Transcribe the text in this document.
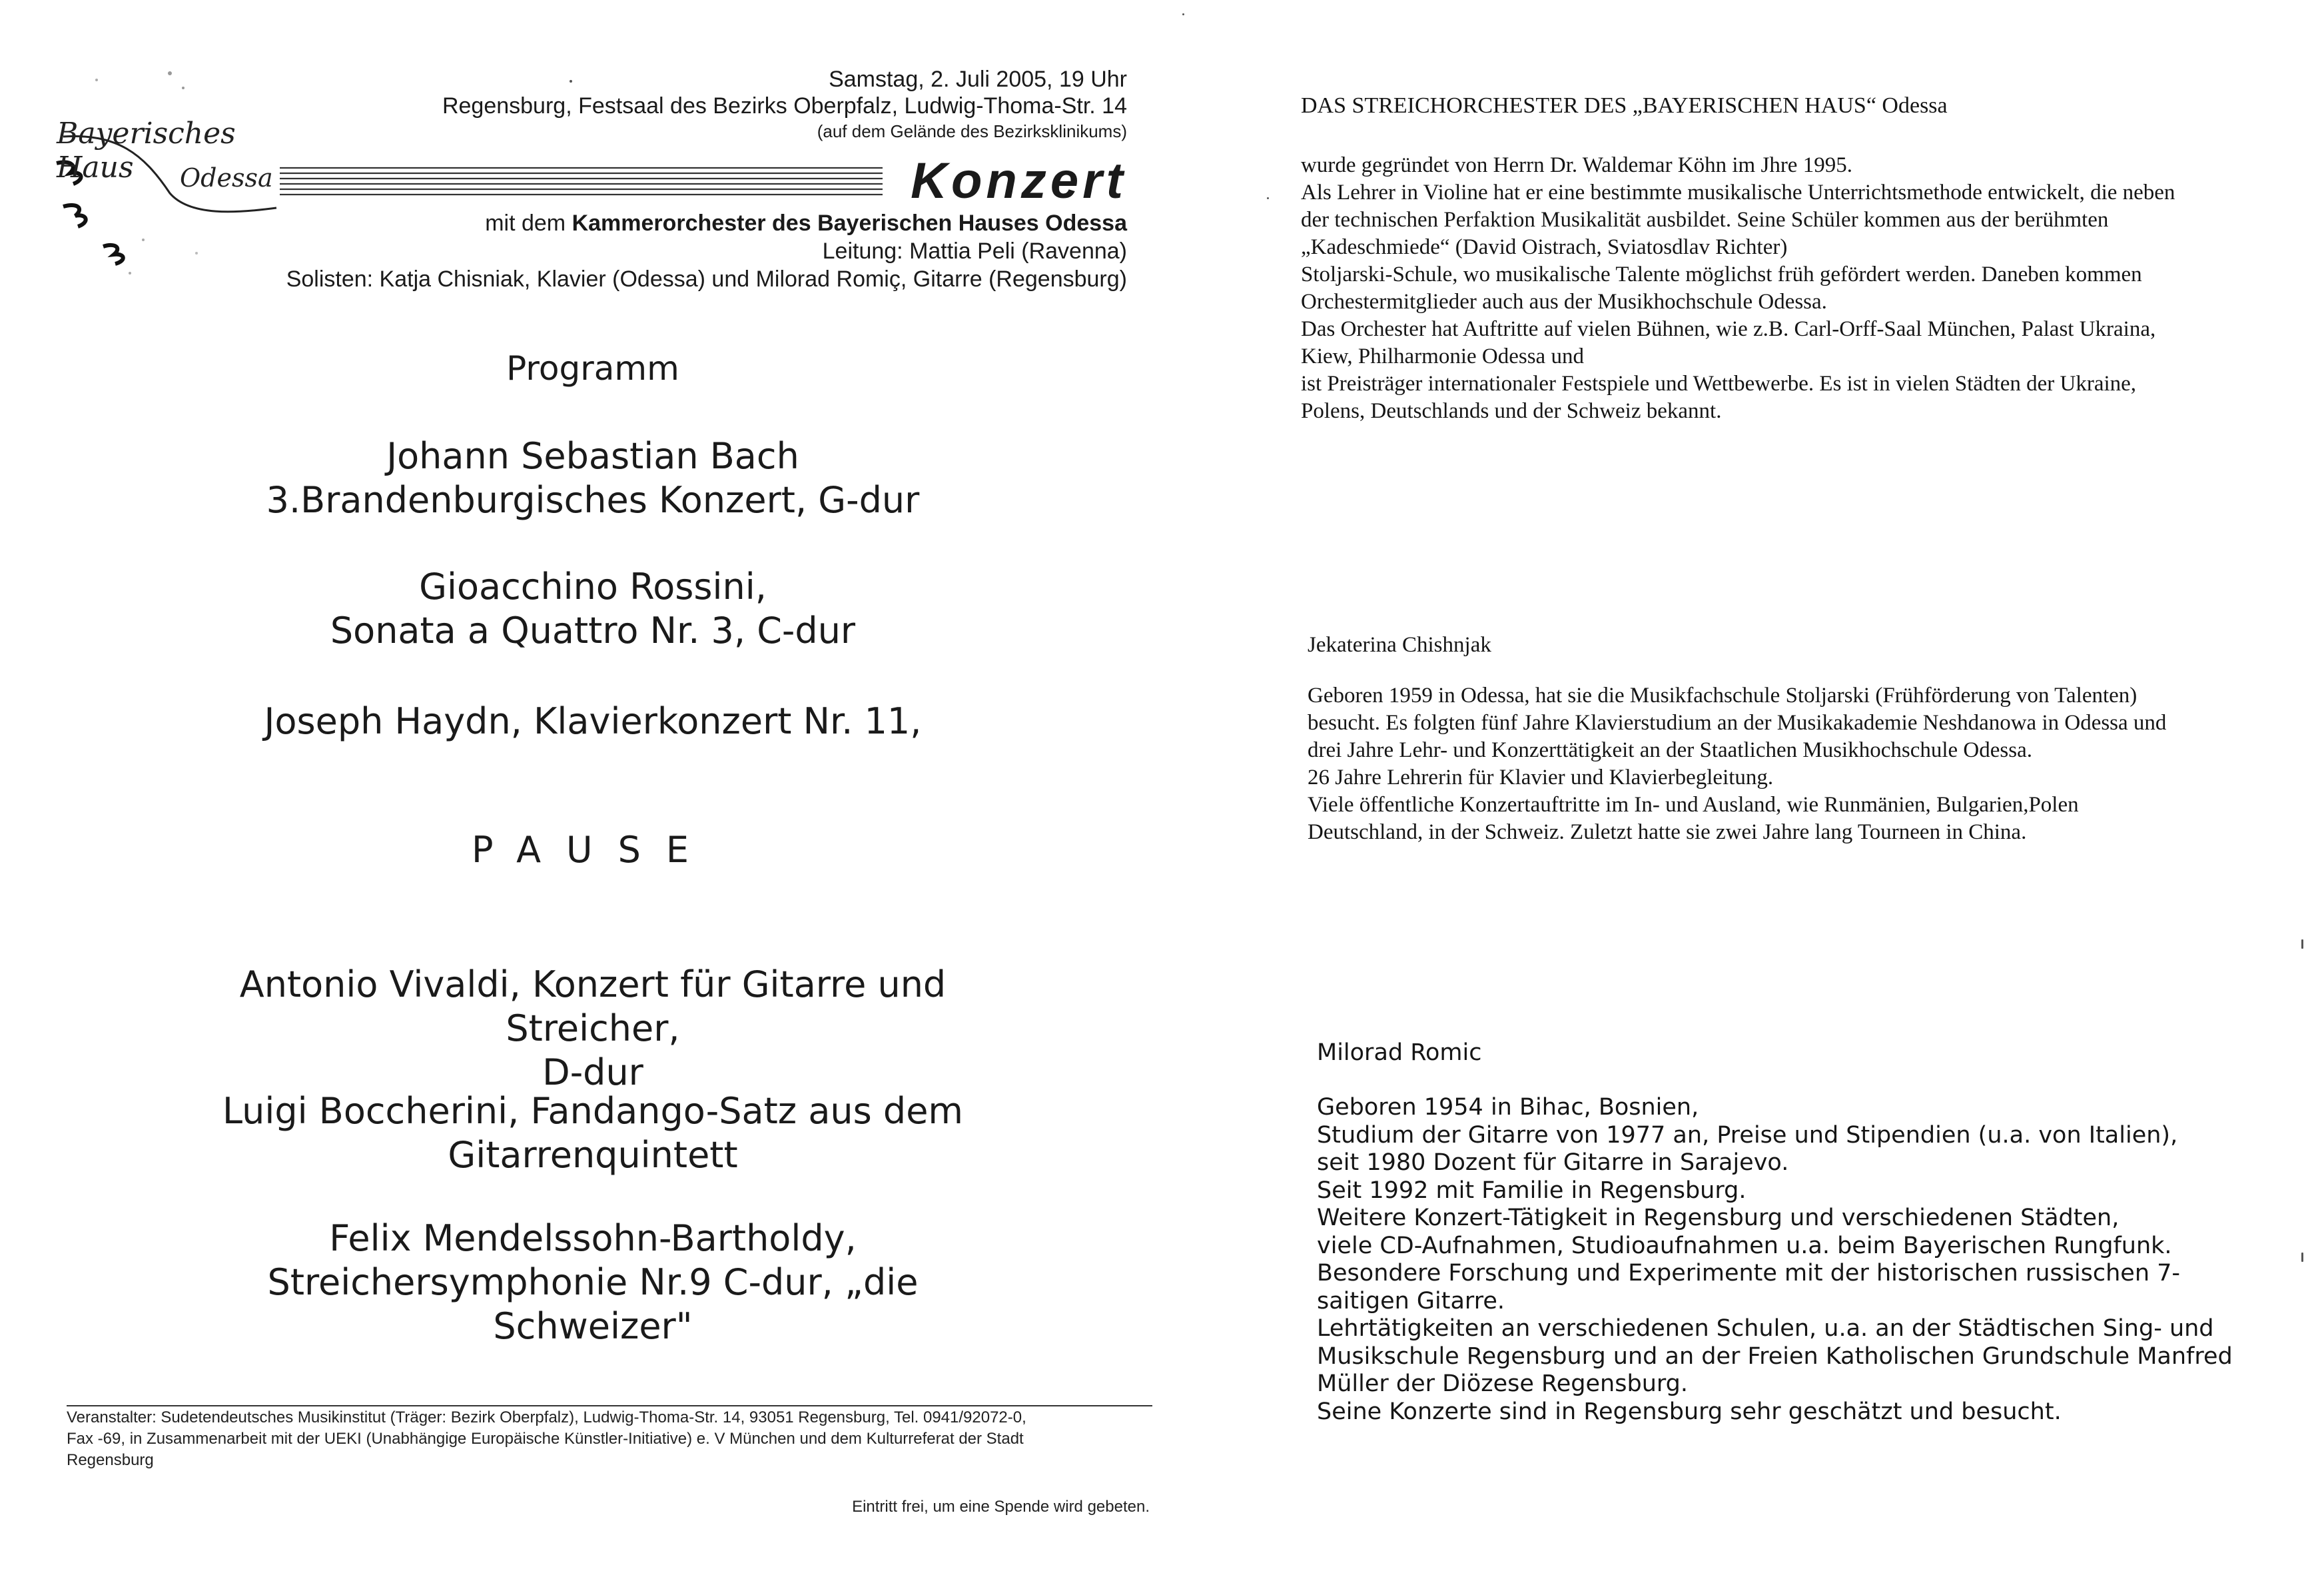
Bayerisches Haus	Odessa
Samstag, 2. Juli 2005, 19 Uhr
Regensburg, Festsaal des Bezirks Oberpfalz, Ludwig-Thoma-Str. 14
(auf dem Gelände des Bezirksklinikums)
Konzert
mit dem Kammerorchester des Bayerischen Hauses Odessa
Leitung: Mattia Peli (Ravenna)
Solisten: Katja Chisniak, Klavier (Odessa) und Milorad Romiç, Gitarre (Regensburg)
Programm
Johann Sebastian Bach
3.Brandenburgisches Konzert, G-dur
Gioacchino Rossini,
Sonata a Quattro Nr. 3, C-dur
Joseph Haydn, Klavierkonzert Nr. 11,
PAUSE
Antonio Vivaldi, Konzert für Gitarre und Streicher,
D-dur
Luigi Boccherini, Fandango-Satz aus dem
Gitarrenquintett
Felix Mendelssohn-Bartholdy,
Streichersymphonie Nr.9 C-dur, „die Schweizer"
Veranstalter: Sudetendeutsches Musikinstitut (Träger: Bezirk Oberpfalz), Ludwig-Thoma-Str. 14, 93051 Regensburg, Tel. 0941/92072-0,
Fax -69, in Zusammenarbeit mit der UEKI (Unabhängige Europäische Künstler-Initiative) e. V München und dem Kulturreferat der Stadt
Regensburg
Eintritt frei, um eine Spende wird gebeten.
DAS STREICHORCHESTER DES „BAYERISCHEN HAUS“ Odessa
wurde gegründet von Herrn Dr. Waldemar Köhn im Jhre 1995.
Als Lehrer in Violine hat er eine bestimmte musikalische Unterrichtsmethode entwickelt, die neben
der technischen Perfaktion Musikalität ausbildet. Seine Schüler kommen aus der berühmten
„Kadeschmiede“ (David Oistrach, Sviatosdlav Richter)
Stoljarski-Schule, wo musikalische Talente möglichst früh gefördert werden. Daneben kommen
Orchestermitglieder auch aus der Musikhochschule Odessa.
Das Orchester hat Auftritte auf vielen Bühnen, wie z.B. Carl-Orff-Saal München, Palast Ukraina,
Kiew, Philharmonie Odessa und
ist Preisträger internationaler Festspiele und Wettbewerbe. Es ist in vielen Städten der Ukraine,
Polens, Deutschlands und der Schweiz bekannt.
Jekaterina Chishnjak
Geboren 1959 in Odessa, hat sie die Musikfachschule Stoljarski (Frühförderung von Talenten)
besucht. Es folgten fünf Jahre Klavierstudium an der Musikakademie Neshdanowa in Odessa und
drei Jahre Lehr- und Konzerttätigkeit an der Staatlichen Musikhochschule Odessa.
26 Jahre Lehrerin für Klavier und Klavierbegleitung.
Viele öffentliche Konzertauftritte im In- und Ausland, wie Runmänien, Bulgarien,Polen
Deutschland, in der Schweiz. Zuletzt hatte sie zwei Jahre lang Tourneen in China.
Milorad Romic
Geboren 1954 in Bihac, Bosnien,
Studium der Gitarre von 1977 an, Preise und Stipendien (u.a. von Italien),
seit 1980 Dozent für Gitarre in Sarajevo.
Seit 1992 mit Familie in Regensburg.
Weitere Konzert-Tätigkeit in Regensburg und verschiedenen Städten,
viele CD-Aufnahmen, Studioaufnahmen u.a. beim Bayerischen Rungfunk.
Besondere Forschung und Experimente mit der historischen russischen 7-
saitigen Gitarre.
Lehrtätigkeiten an verschiedenen Schulen, u.a. an der Städtischen Sing- und
Musikschule Regensburg und an der Freien Katholischen Grundschule Manfred
Müller der Diözese Regensburg.
Seine Konzerte sind in Regensburg sehr geschätzt und besucht.
